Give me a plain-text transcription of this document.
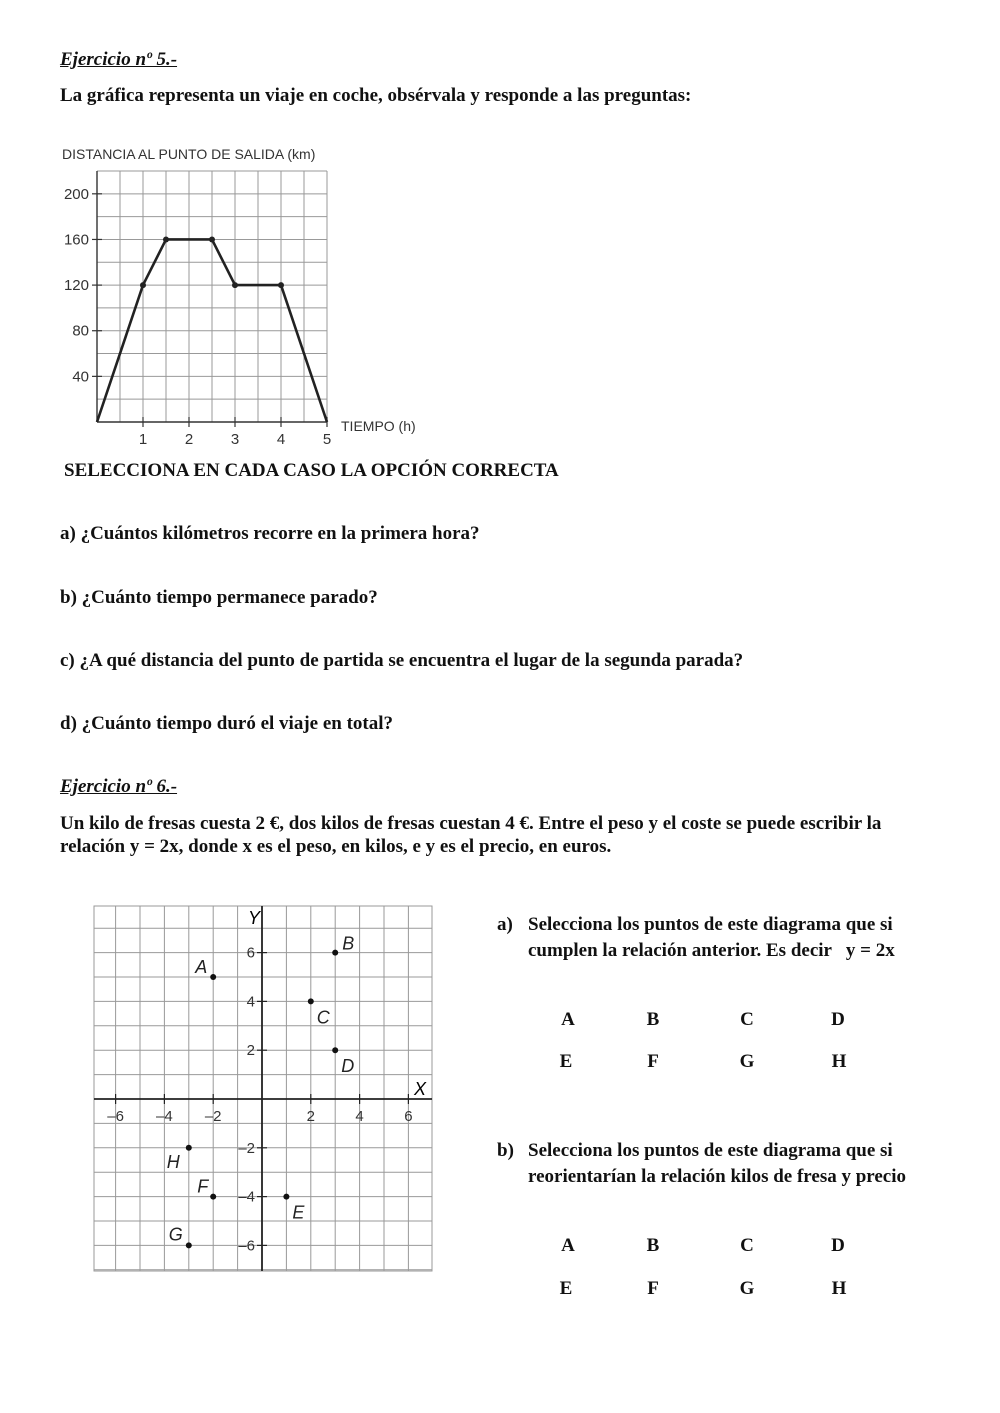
Ejercicio nº 5.-
La gráfica representa un viaje en coche, obsérvala y responde a las preguntas:
DISTANCIA AL PUNTO DE SALIDA (km)
TIEMPO (h)
1	2	3	4	5
40
80
120
160
200
SELECCIONA EN CADA CASO LA OPCIÓN CORRECTA
a) ¿Cuántos kilómetros recorre en la primera hora?
b) ¿Cuánto tiempo permanece parado?
c) ¿A qué distancia del punto de partida se encuentra el lugar de la segunda parada?
d) ¿Cuánto tiempo duró el viaje en total?
Ejercicio nº 6.-
Un kilo de fresas cuesta 2 €, dos kilos de fresas cuestan 4 €. Entre el peso y el coste se puede escribir la
relación y = 2x, donde x es el peso, en kilos, e y es el precio, en euros.
–6 –4 –2	2	4	6
6
4
2
–2
–4
–6
A
B
C
D
E
F
G
H
X
Y	a) Selecciona los puntos de este diagrama que si
cumplen la relación anterior. Es decir   y = 2x
A	B	C	D
E	F	G	H
b) Selecciona los puntos de este diagrama que si
reorientarían la relación kilos de fresa y precio
A	B	C	D
E	F	G	H
